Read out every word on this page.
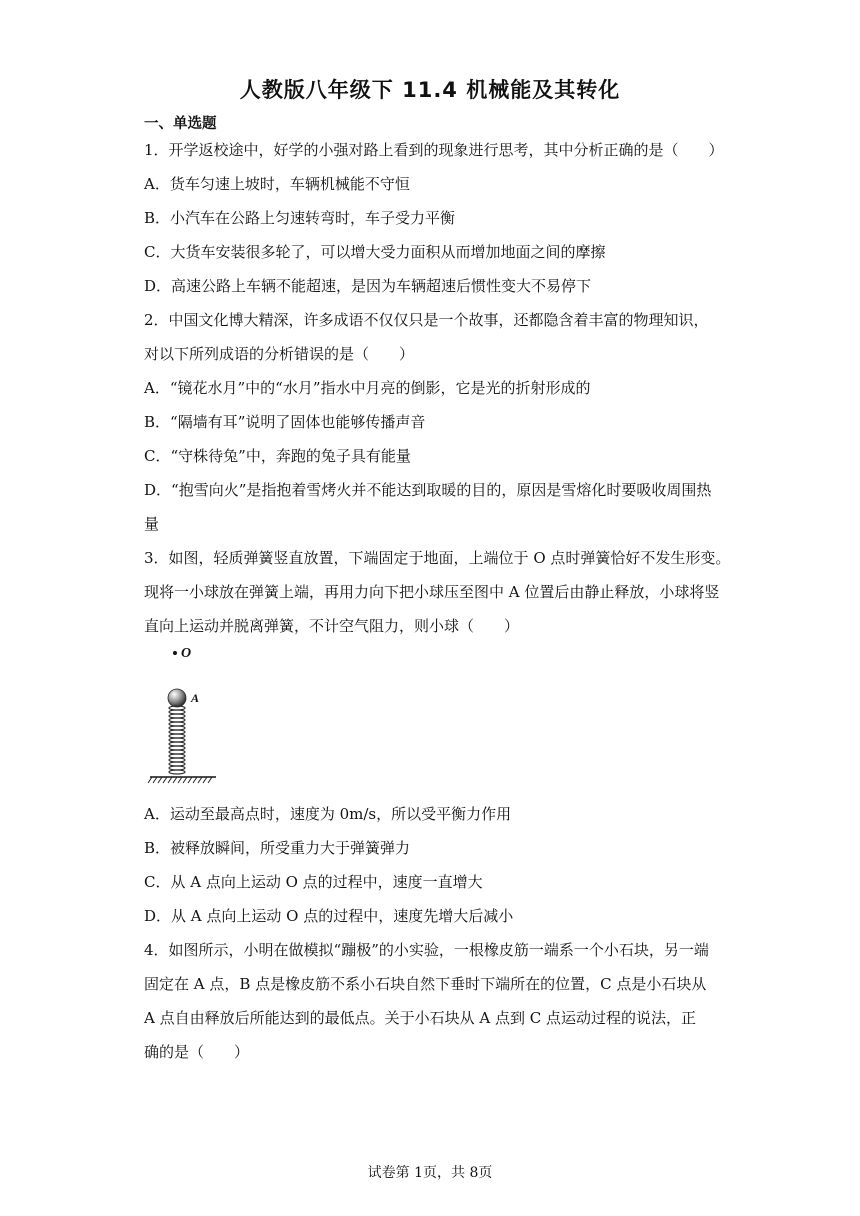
人教版八年级下 11.4 机械能及其转化
一、单选题
1．开学返校途中，好学的小强对路上看到的现象进行思考，其中分析正确的是（　　）
A．货车匀速上坡时，车辆机械能不守恒
B．小汽车在公路上匀速转弯时，车子受力平衡
C．大货车安装很多轮了，可以增大受力面积从而增加地面之间的摩擦
D．高速公路上车辆不能超速，是因为车辆超速后惯性变大不易停下
2．中国文化博大精深，许多成语不仅仅只是一个故事，还都隐含着丰富的物理知识，
对以下所列成语的分析错误的是（　　）
A．“镜花水月”中的“水月”指水中月亮的倒影，它是光的折射形成的
B．“隔墙有耳”说明了固体也能够传播声音
C．“守株待兔”中，奔跑的兔子具有能量
D．“抱雪向火”是指抱着雪烤火并不能达到取暖的目的，原因是雪熔化时要吸收周围热
量
3．如图，轻质弹簧竖直放置，下端固定于地面，上端位于 O 点时弹簧恰好不发生形变。
现将一小球放在弹簧上端，再用力向下把小球压至图中 A 位置后由静止释放，小球将竖
直向上运动并脱离弹簧，不计空气阻力，则小球（　　）
O
A
A．运动至最高点时，速度为 0m/s，所以受平衡力作用
B．被释放瞬间，所受重力大于弹簧弹力
C．从 A 点向上运动 O 点的过程中，速度一直增大
D．从 A 点向上运动 O 点的过程中，速度先增大后减小
4．如图所示，小明在做模拟“蹦极”的小实验，一根橡皮筋一端系一个小石块，另一端
固定在 A 点，B 点是橡皮筋不系小石块自然下垂时下端所在的位置，C 点是小石块从
A 点自由释放后所能达到的最低点。关于小石块从 A 点到 C 点运动过程的说法，正
确的是（　　）
试卷第 1页，共 8页
